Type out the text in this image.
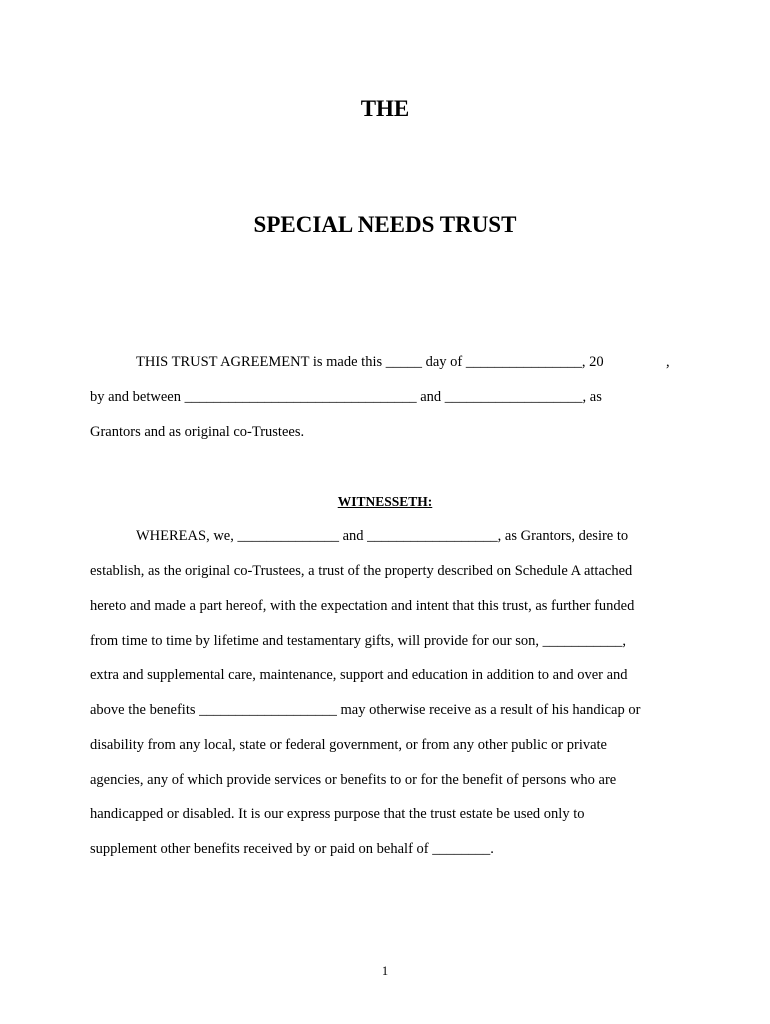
THE
SPECIAL NEEDS TRUST
THIS TRUST AGREEMENT is made this _____ day of ________________, 20	,
by and between ________________________________ and ___________________, as
Grantors and as original co-Trustees.
WITNESSETH:
WHEREAS, we, ______________ and __________________, as Grantors, desire to
establish, as the original co-Trustees, a trust of the property described on Schedule A attached
hereto and made a part hereof, with the expectation and intent that this trust, as further funded
from time to time by lifetime and testamentary gifts, will provide for our son, ___________,
extra and supplemental care, maintenance, support and education in addition to and over and
above the benefits ___________________ may otherwise receive as a result of his handicap or
disability from any local, state or federal government, or from any other public or private
agencies, any of which provide services or benefits to or for the benefit of persons who are
handicapped or disabled. It is our express purpose that the trust estate be used only to
supplement other benefits received by or paid on behalf of ________.
1
